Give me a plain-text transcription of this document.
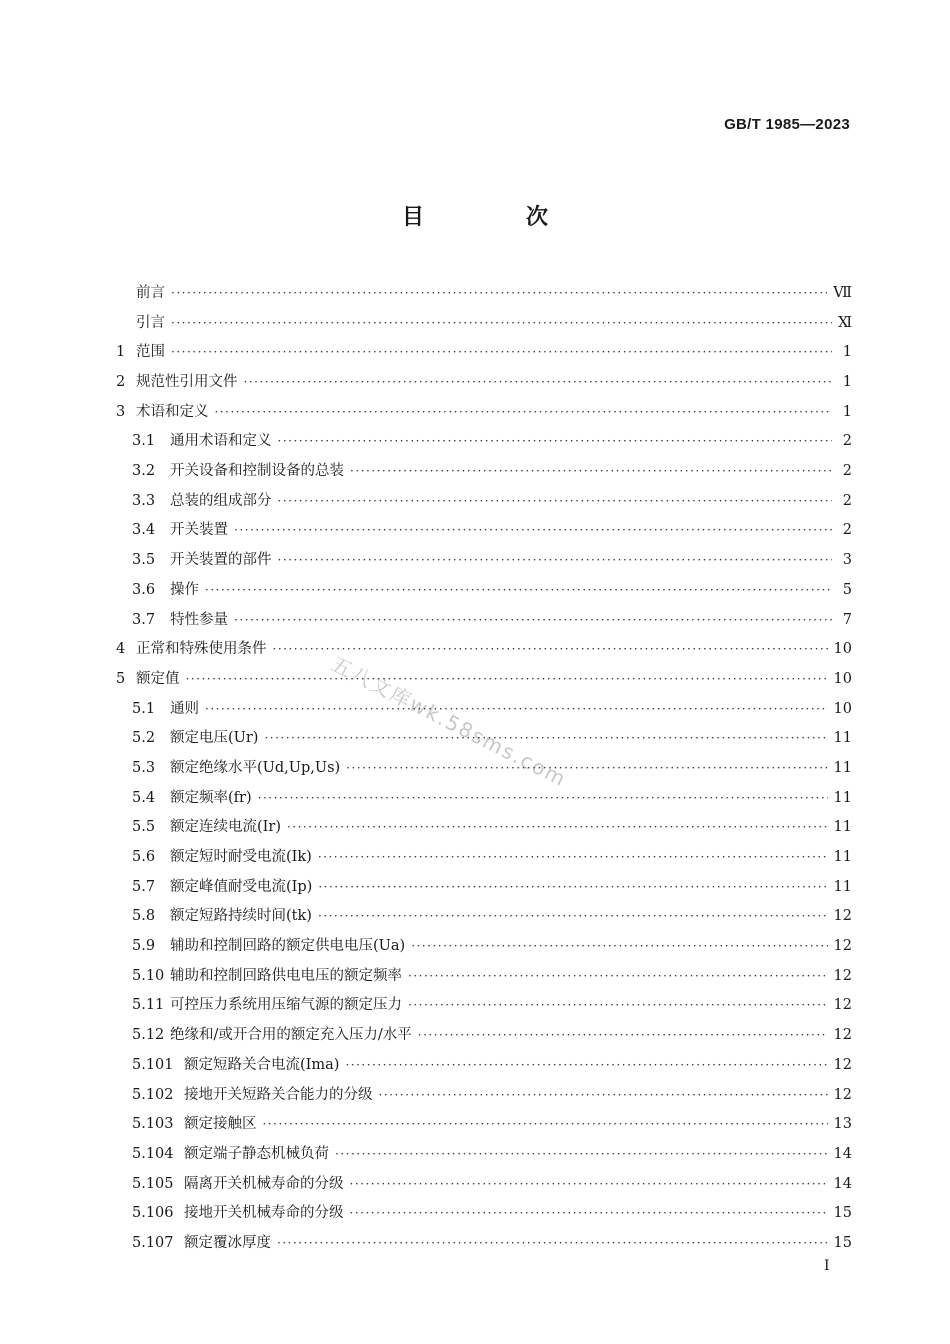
GB/T 1985—2023
目　次
五八文库wk.58sms.com
前言 ·····	Ⅶ
引言 ·····	Ⅺ
1 范围 ·····	1
2 规范性引用文件 ·····	1
3 术语和定义 ·····	1
3.1	通用术语和定义 ·····	2
3.2	开关设备和控制设备的总装 ·····	2
3.3	总装的组成部分 ·····	2
3.4	开关装置 ·····	2
3.5	开关装置的部件 ·····	3
3.6	操作 ·····	5
3.7	特性参量 ·····	7
4 正常和特殊使用条件 ·····	10
5 额定值 ·····	10
5.1	通则 ·····	10
5.2	额定电压(Ur) ·····	11
5.3	额定绝缘水平(Ud,Up,Us) ·····	11
5.4	额定频率(fr) ·····	11
5.5	额定连续电流(Ir) ·····	11
5.6	额定短时耐受电流(Ik) ·····	11
5.7	额定峰值耐受电流(Ip) ·····	11
5.8	额定短路持续时间(tk) ·····	12
5.9	辅助和控制回路的额定供电电压(Ua) ·····	12
5.10 辅助和控制回路供电电压的额定频率 ·····	12
5.11 可控压力系统用压缩气源的额定压力 ·····	12
5.12 绝缘和/或开合用的额定充入压力/水平 ·····	12
5.101 额定短路关合电流(Ima) ·····	12
5.102 接地开关短路关合能力的分级 ·····	12
5.103 额定接触区 ·····	13
5.104 额定端子静态机械负荷 ·····	14
5.105 隔离开关机械寿命的分级 ·····	14
5.106 接地开关机械寿命的分级 ·····	15
5.107 额定覆冰厚度 ·····	15
I
